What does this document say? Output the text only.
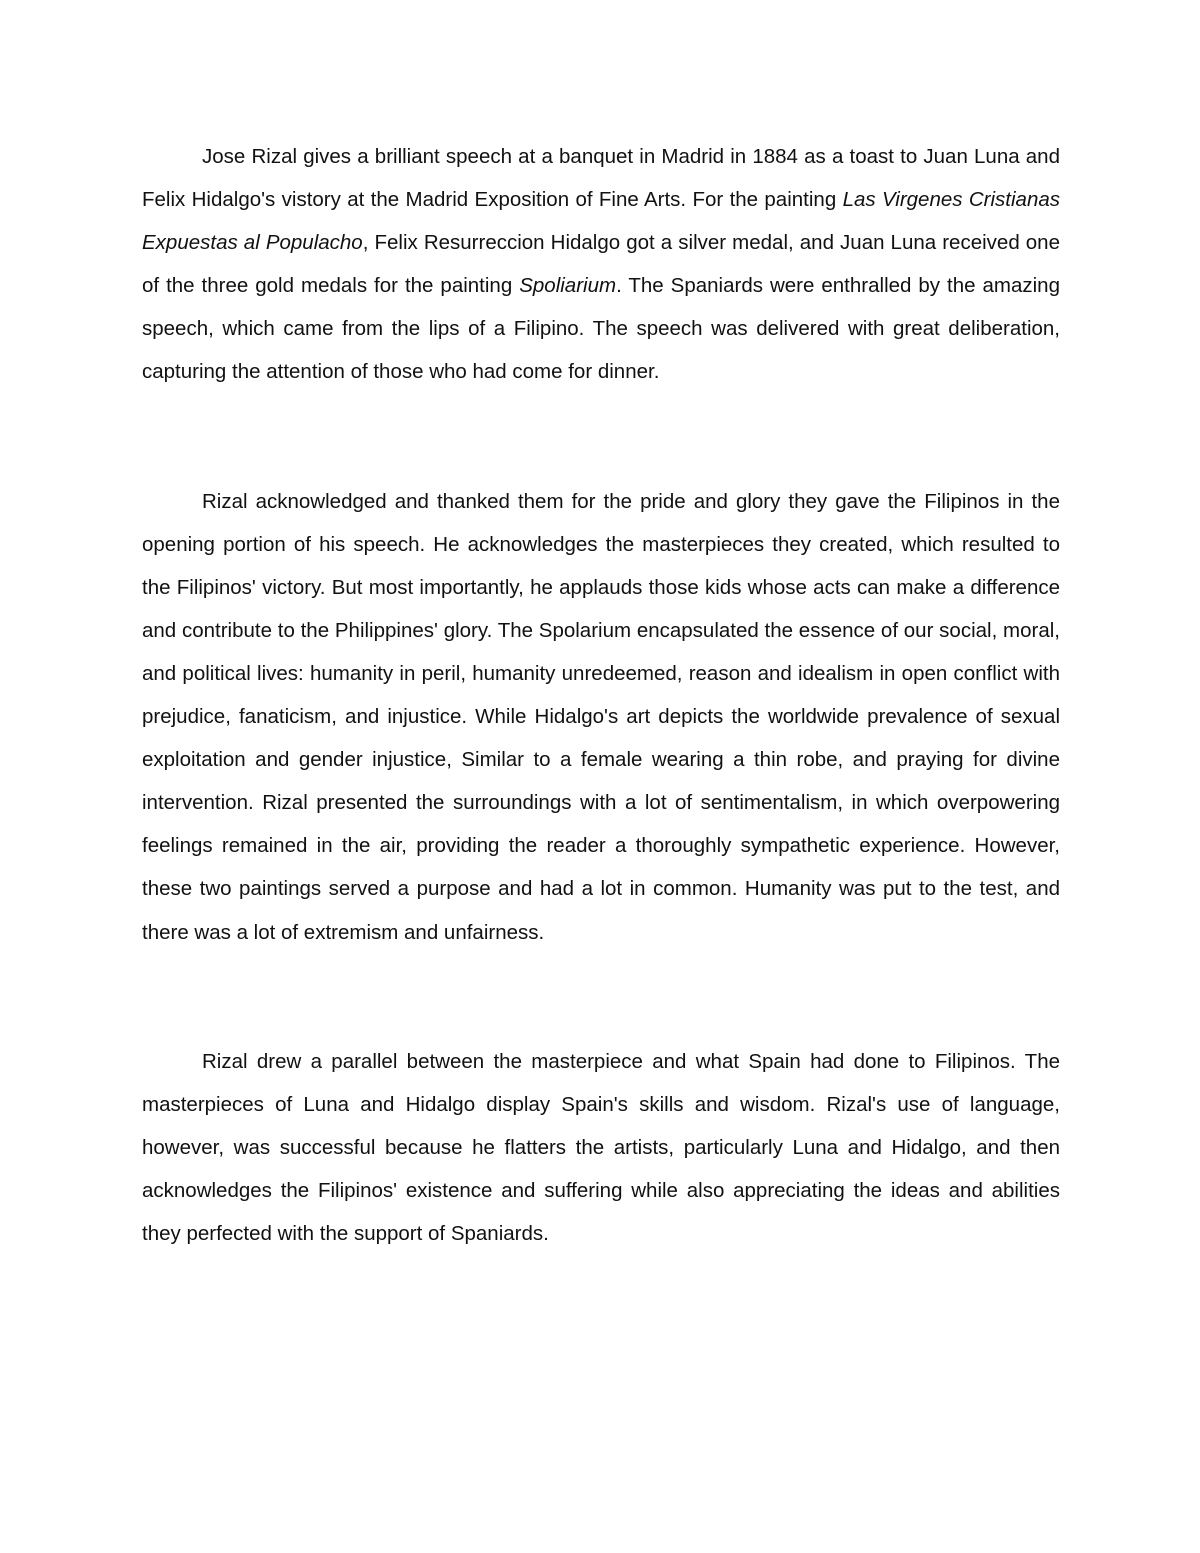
Jose Rizal gives a brilliant speech at a banquet in Madrid in 1884 as a toast to Juan Luna and Felix Hidalgo's vistory at the Madrid Exposition of Fine Arts. For the painting Las Virgenes Cristianas Expuestas al Populacho, Felix Resurreccion Hidalgo got a silver medal, and Juan Luna received one of the three gold medals for the painting Spoliarium. The Spaniards were enthralled by the amazing speech, which came from the lips of a Filipino. The speech was delivered with great deliberation, capturing the attention of those who had come for dinner.

Rizal acknowledged and thanked them for the pride and glory they gave the Filipinos in the opening portion of his speech. He acknowledges the masterpieces they created, which resulted to the Filipinos' victory. But most importantly, he applauds those kids whose acts can make a difference and contribute to the Philippines' glory. The Spolarium encapsulated the essence of our social, moral, and political lives: humanity in peril, humanity unredeemed, reason and idealism in open conflict with prejudice, fanaticism, and injustice. While Hidalgo's art depicts the worldwide prevalence of sexual exploitation and gender injustice, Similar to a female wearing a thin robe, and praying for divine intervention. Rizal presented the surroundings with a lot of sentimentalism, in which overpowering feelings remained in the air, providing the reader a thoroughly sympathetic experience. However, these two paintings served a purpose and had a lot in common. Humanity was put to the test, and there was a lot of extremism and unfairness.

Rizal drew a parallel between the masterpiece and what Spain had done to Filipinos. The masterpieces of Luna and Hidalgo display Spain's skills and wisdom. Rizal's use of language, however, was successful because he flatters the artists, particularly Luna and Hidalgo, and then acknowledges the Filipinos' existence and suffering while also appreciating the ideas and abilities they perfected with the support of Spaniards.
